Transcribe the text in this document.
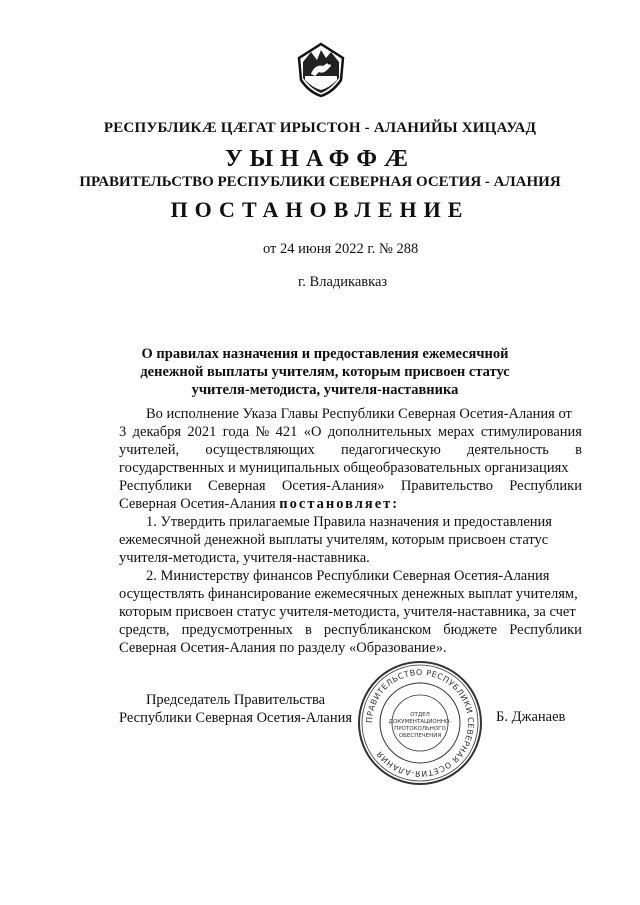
РЕСПУБЛИКÆ ЦÆГАТ ИРЫСТОН - АЛАНИЙЫ ХИЦАУАД
УЫНАФФÆ
ПРАВИТЕЛЬСТВО РЕСПУБЛИКИ СЕВЕРНАЯ ОСЕТИЯ - АЛАНИЯ
ПОСТАНОВЛЕНИЕ
от 24 июня 2022 г. № 288
г. Владикавказ
О правилах назначения и предоставления ежемесячной
денежной выплаты учителям, которым присвоен статус
учителя-методиста, учителя-наставника
Во исполнение Указа Главы Республики Северная Осетия-Алания от
3 декабря 2021 года № 421 «О дополнительных мерах стимулирования
учителей, осуществляющих педагогическую деятельность в
государственных и муниципальных общеобразовательных организациях
Республики Северная Осетия-Алания» Правительство Республики
Северная Осетия-Алания постановляет:
1. Утвердить прилагаемые Правила назначения и предоставления
ежемесячной денежной выплаты учителям, которым присвоен статус
учителя-методиста, учителя-наставника.
2. Министерству финансов Республики Северная Осетия-Алания
осуществлять финансирование ежемесячных денежных выплат учителям,
которым присвоен статус учителя-методиста, учителя-наставника, за счет
средств, предусмотренных в республиканском бюджете Республики
Северная Осетия-Алания по разделу «Образование».
Председатель Правительства
Республики Северная Осетия-Алания ПРАВИТЕЛЬСТВО РЕСПУБЛИКИ СЕВЕРНАЯ ОСЕТИЯ-АЛАНИЯ
ОТДЕЛ
ДОКУМЕНТАЦИОННО-
ПРОТОКОЛЬНОГО
ОБЕСПЕЧЕНИЯ
Б. Джанаев
